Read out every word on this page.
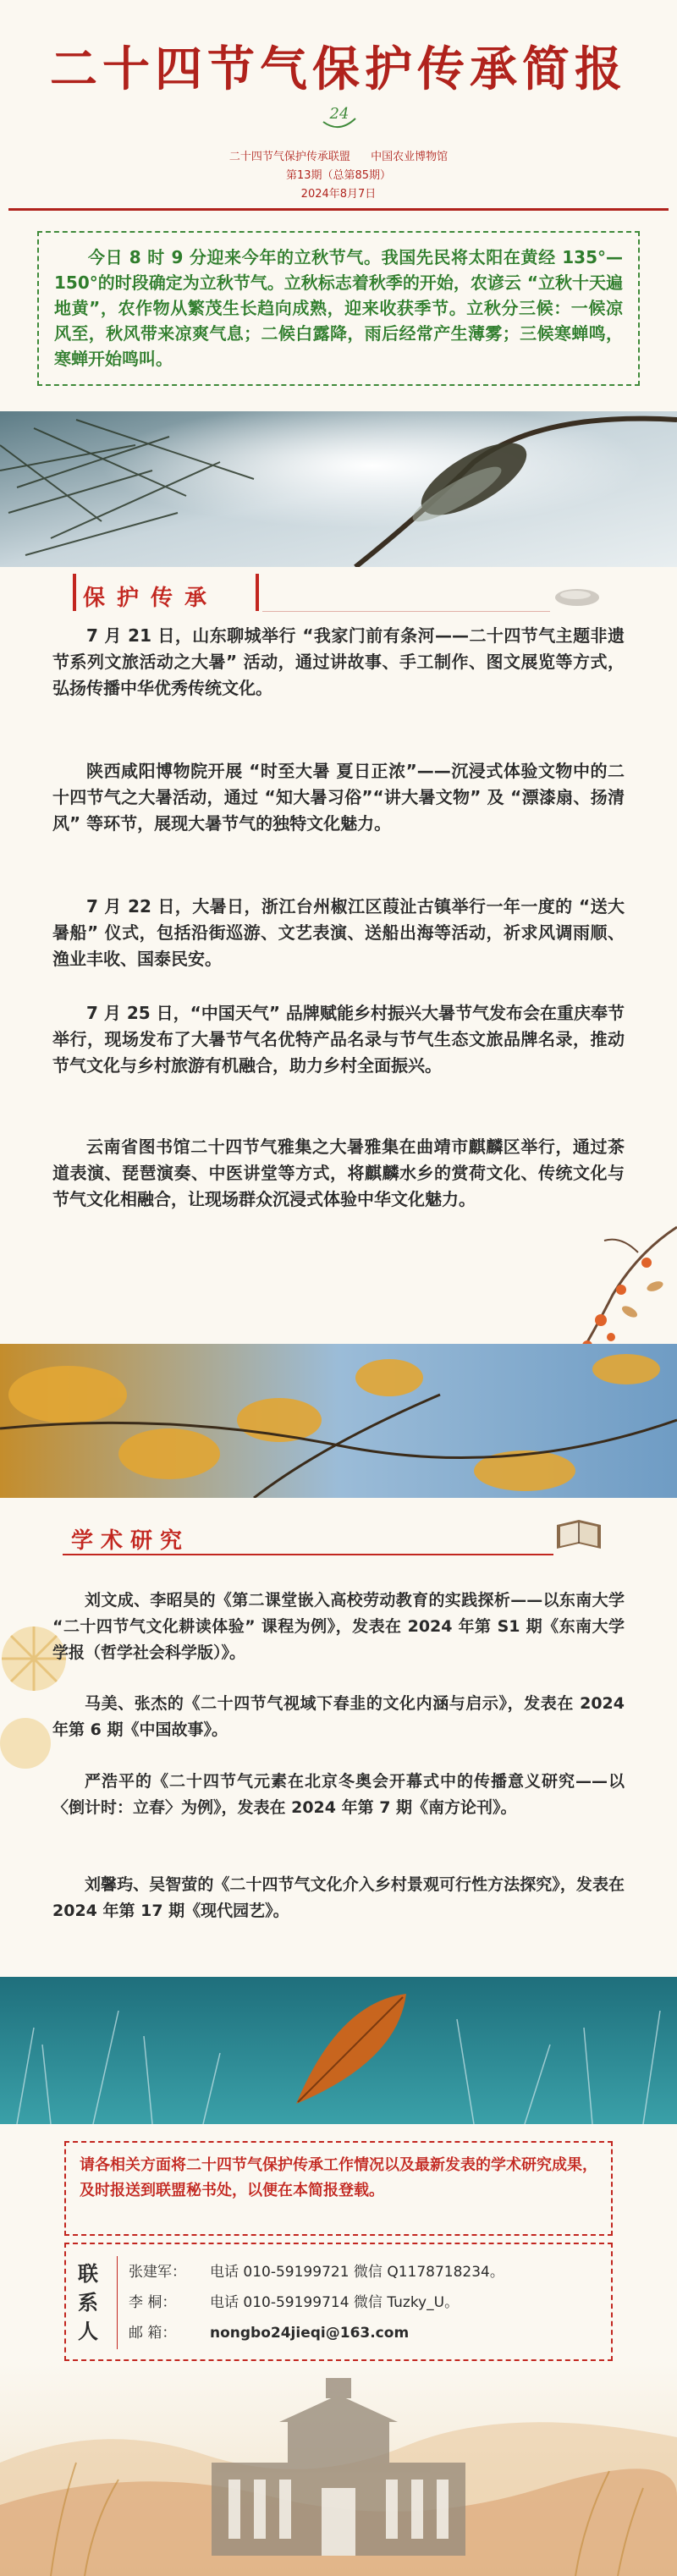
二十四节气保护传承简报
24
二十四节气保护传承联盟 中国农业博物馆
第13期（总第85期）
2024年8月7日

今日 8 时 9 分迎来今年的立秋节气。我国先民将太阳在黄经 135°—150°的时段确定为立秋节气。立秋标志着秋季的开始，农谚云 “立秋十天遍地黄”，农作物从繁茂生长趋向成熟，迎来收获季节。立秋分三候：一候凉风至，秋风带来凉爽气息；二候白露降，雨后经常产生薄雾；三候寒蝉鸣，寒蝉开始鸣叫。

保护传承

7 月 21 日，山东聊城举行 “我家门前有条河——二十四节气主题非遗节系列文旅活动之大暑” 活动，通过讲故事、手工制作、图文展览等方式， 弘扬传播中华优秀传统文化。

陕西咸阳博物院开展 “时至大暑 夏日正浓”——沉浸式体验文物中的二十四节气之大暑活动，通过 “知大暑习俗”“讲大暑文物” 及 “漂漆扇、扬清风” 等环节，展现大暑节气的独特文化魅力。

7 月 22 日，大暑日，浙江台州椒江区葭沚古镇举行一年一度的 “送大暑船” 仪式，包括沿街巡游、文艺表演、送船出海等活动，祈求风调雨顺、渔业丰收、国泰民安。

7 月 25 日，“中国天气” 品牌赋能乡村振兴大暑节气发布会在重庆奉节举行，现场发布了大暑节气名优特产品名录与节气生态文旅品牌名录，推动节气文化与乡村旅游有机融合，助力乡村全面振兴。

云南省图书馆二十四节气雅集之大暑雅集在曲靖市麒麟区举行，通过茶道表演、琵琶演奏、中医讲堂等方式，将麒麟水乡的赏荷文化、传统文化与节气文化相融合，让现场群众沉浸式体验中华文化魅力。

学术研究

刘文成、李昭昊的《第二课堂嵌入高校劳动教育的实践探析——以东南大学 “二十四节气文化耕读体验” 课程为例》，发表在 2024 年第 S1 期《东南大学学报（哲学社会科学版）》。

马美、张杰的《二十四节气视域下春韭的文化内涵与启示》，发表在 2024 年第 6 期《中国故事》。

严浩平的《二十四节气元素在北京冬奥会开幕式中的传播意义研究——以〈倒计时：立春〉为例》，发表在 2024 年第 7 期《南方论刊》。

刘馨玙、吴智萤的《二十四节气文化介入乡村景观可行性方法探究》，发表在 2024 年第 17 期《现代园艺》。

请各相关方面将二十四节气保护传承工作情况以及最新发表的学术研究成果，及时报送到联盟秘书处，以便在本简报登载。

联系人
张建军： 电话 010-59199721 微信 Q1178718234。
李 桐： 电话 010-59199714 微信 Tuzky_U。
邮 箱： nongbo24jieqi@163.com
